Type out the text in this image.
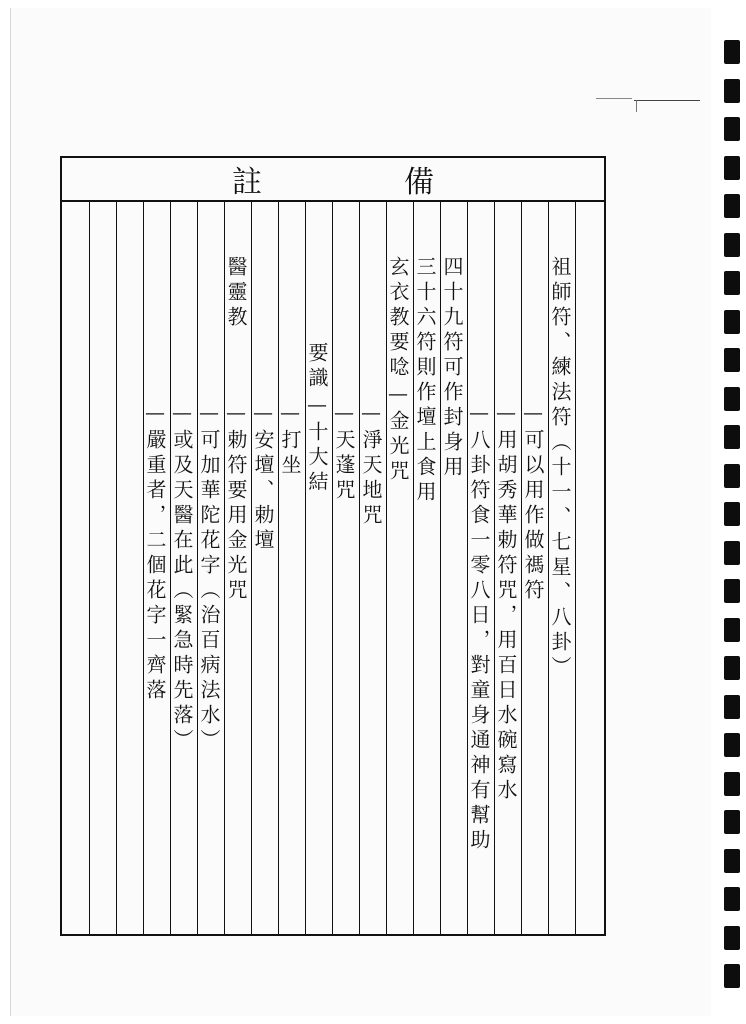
註　備
祖師符、練法符（十一、七星、八卦）
—可以用作做禡符
—用胡秀華勅符咒，用百日水碗寫水
—八卦符食一零八日，對童身通神有幫助
四十九符可作封身用
三十六符則作壇上食用
玄衣教要唸—金光咒
—淨天地咒
—天蓬咒
要識—十大結
—打坐
—安壇、勅壇
醫靈教
—勅符要用金光咒
—可加華陀花字（治百病法水）
—或及天醫在此（緊急時先落）
—嚴重者，二個花字一齊落
